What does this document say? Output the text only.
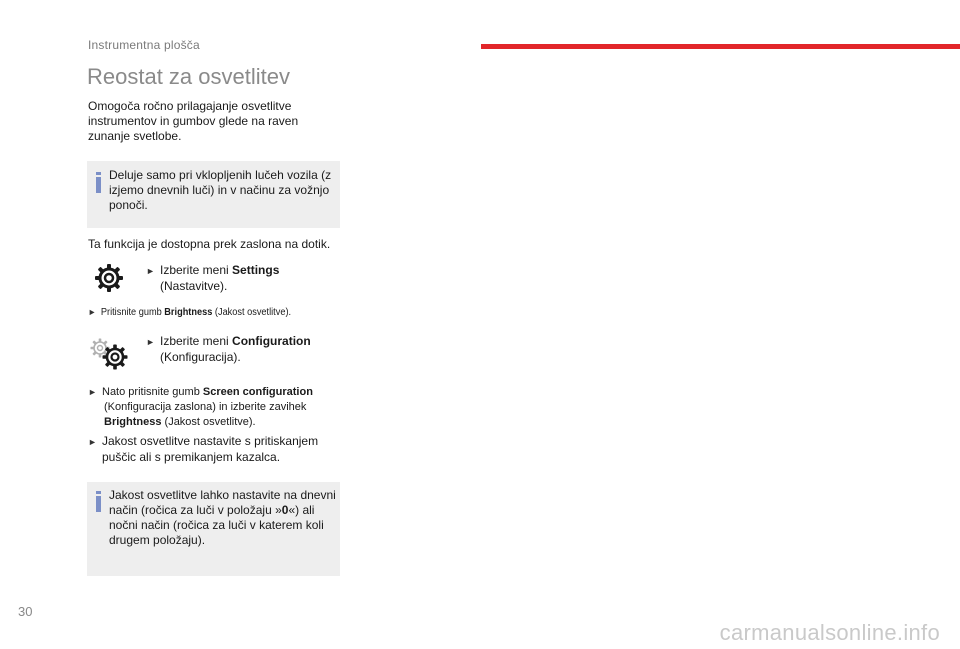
Instrumentna plošča
Reostat za osvetlitev
Omogoča ročno prilagajanje osvetlitve
instrumentov in gumbov glede na raven
zunanje svetlobe.
Deluje samo pri vklopljenih lučeh vozila (z
izjemo dnevnih luči) in v načinu za vožnjo
ponoči.
Ta funkcija je dostopna prek zaslona na dotik.
► Izberite meni Settings
(Nastavitve).
► Pritisnite gumb Brightness (Jakost osvetlitve).
► Izberite meni Configuration
(Konfiguracija).
► Nato pritisnite gumb Screen configuration
(Konfiguracija zaslona) in izberite zavihek
Brightness (Jakost osvetlitve).
► Jakost osvetlitve nastavite s pritiskanjem
puščic ali s premikanjem kazalca.
Jakost osvetlitve lahko nastavite na dnevni
način (ročica za luči v položaju »0«) ali
nočni način (ročica za luči v katerem koli
drugem položaju).
30
carmanualsonline.info
